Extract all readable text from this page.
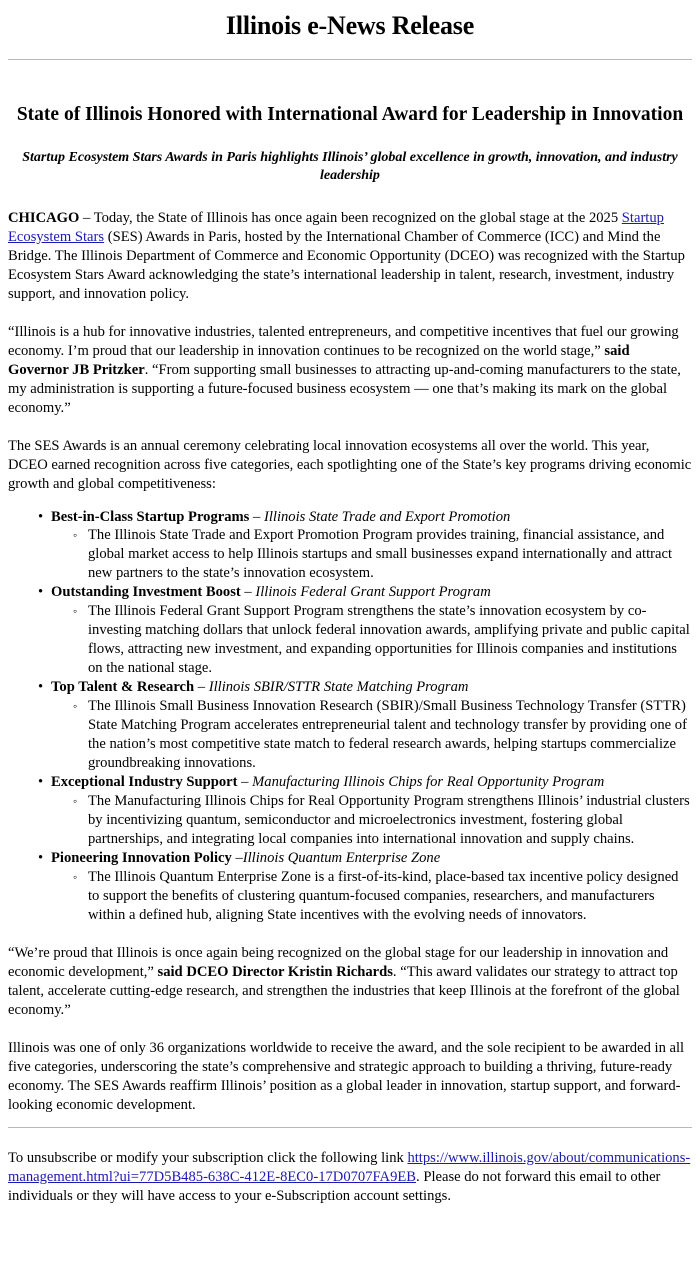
Illinois e-News Release
State of Illinois Honored with International Award for Leadership in Innovation
Startup Ecosystem Stars Awards in Paris highlights Illinois’ global excellence in growth, innovation, and industry leadership

CHICAGO – Today, the State of Illinois has once again been recognized on the global stage at the 2025 Startup Ecosystem Stars (SES) Awards in Paris, hosted by the International Chamber of Commerce (ICC) and Mind the Bridge. The Illinois Department of Commerce and Economic Opportunity (DCEO) was recognized with the Startup Ecosystem Stars Award acknowledging the state’s international leadership in talent, research, investment, industry support, and innovation policy.

“Illinois is a hub for innovative industries, talented entrepreneurs, and competitive incentives that fuel our growing economy. I’m proud that our leadership in innovation continues to be recognized on the world stage,” said Governor JB Pritzker. “From supporting small businesses to attracting up-and-coming manufacturers to the state, my administration is supporting a future-focused business ecosystem — one that’s making its mark on the global economy.”

The SES Awards is an annual ceremony celebrating local innovation ecosystems all over the world. This year, DCEO earned recognition across five categories, each spotlighting one of the State’s key programs driving economic growth and global competitiveness:

• Best-in-Class Startup Programs – Illinois State Trade and Export Promotion
◦ The Illinois State Trade and Export Promotion Program provides training, financial assistance, and global market access to help Illinois startups and small businesses expand internationally and attract new partners to the state’s innovation ecosystem.
• Outstanding Investment Boost – Illinois Federal Grant Support Program
◦ The Illinois Federal Grant Support Program strengthens the state’s innovation ecosystem by co-investing matching dollars that unlock federal innovation awards, amplifying private and public capital flows, attracting new investment, and expanding opportunities for Illinois companies and institutions on the national stage.
• Top Talent & Research – Illinois SBIR/STTR State Matching Program
◦ The Illinois Small Business Innovation Research (SBIR)/Small Business Technology Transfer (STTR) State Matching Program accelerates entrepreneurial talent and technology transfer by providing one of the nation’s most competitive state match to federal research awards, helping startups commercialize groundbreaking innovations.
• Exceptional Industry Support – Manufacturing Illinois Chips for Real Opportunity Program
◦ The Manufacturing Illinois Chips for Real Opportunity Program strengthens Illinois’ industrial clusters by incentivizing quantum, semiconductor and microelectronics investment, fostering global partnerships, and integrating local companies into international innovation and supply chains.
• Pioneering Innovation Policy –Illinois Quantum Enterprise Zone
◦ The Illinois Quantum Enterprise Zone is a first-of-its-kind, place-based tax incentive policy designed to support the benefits of clustering quantum-focused companies, researchers, and manufacturers within a defined hub, aligning State incentives with the evolving needs of innovators.

“We’re proud that Illinois is once again being recognized on the global stage for our leadership in innovation and economic development,” said DCEO Director Kristin Richards. “This award validates our strategy to attract top talent, accelerate cutting-edge research, and strengthen the industries that keep Illinois at the forefront of the global economy.”

Illinois was one of only 36 organizations worldwide to receive the award, and the sole recipient to be awarded in all five categories, underscoring the state’s comprehensive and strategic approach to building a thriving, future-ready economy. The SES Awards reaffirm Illinois’ position as a global leader in innovation, startup support, and forward-looking economic development.

To unsubscribe or modify your subscription click the following link https://www.illinois.gov/about/communications-management.html?ui=77D5B485-638C-412E-8EC0-17D0707FA9EB. Please do not forward this email to other individuals or they will have access to your e-Subscription account settings.
